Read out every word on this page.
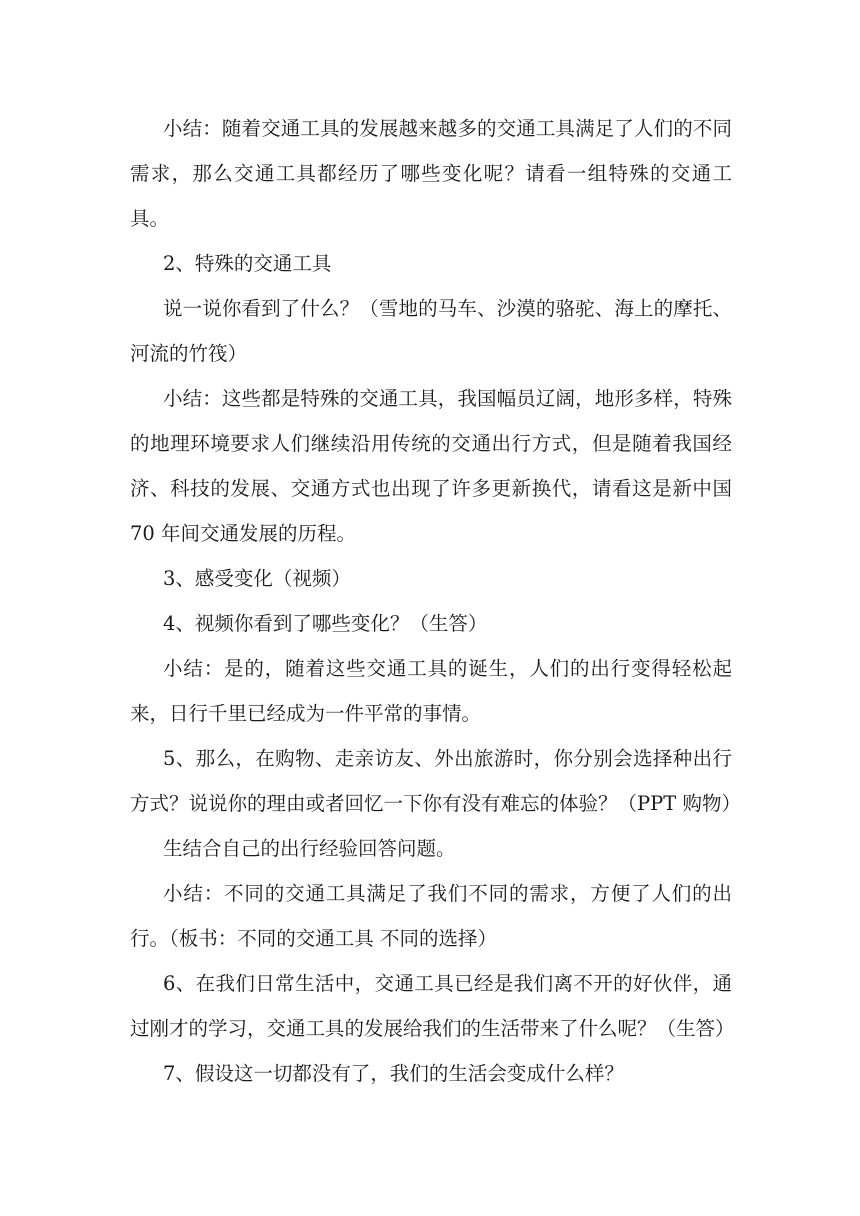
小结：随着交通工具的发展越来越多的交通工具满足了人们的不同需求，那么交通工具都经历了哪些变化呢？请看一组特殊的交通工具。

2、特殊的交通工具

说一说你看到了什么？（雪地的马车、沙漠的骆驼、海上的摩托、河流的竹筏）

小结：这些都是特殊的交通工具，我国幅员辽阔，地形多样，特殊的地理环境要求人们继续沿用传统的交通出行方式，但是随着我国经济、科技的发展、交通方式也出现了许多更新换代，请看这是新中国 70 年间交通发展的历程。

3、感受变化（视频）

4、视频你看到了哪些变化？（生答）

小结：是的，随着这些交通工具的诞生，人们的出行变得轻松起来，日行千里已经成为一件平常的事情。

5、那么，在购物、走亲访友、外出旅游时，你分别会选择种出行方式？说说你的理由或者回忆一下你有没有难忘的体验？（PPT 购物）

生结合自己的出行经验回答问题。

小结：不同的交通工具满足了我们不同的需求，方便了人们的出行。（板书：不同的交通工具 不同的选择）

6、在我们日常生活中，交通工具已经是我们离不开的好伙伴，通过刚才的学习，交通工具的发展给我们的生活带来了什么呢？（生答）

7、假设这一切都没有了，我们的生活会变成什么样？
